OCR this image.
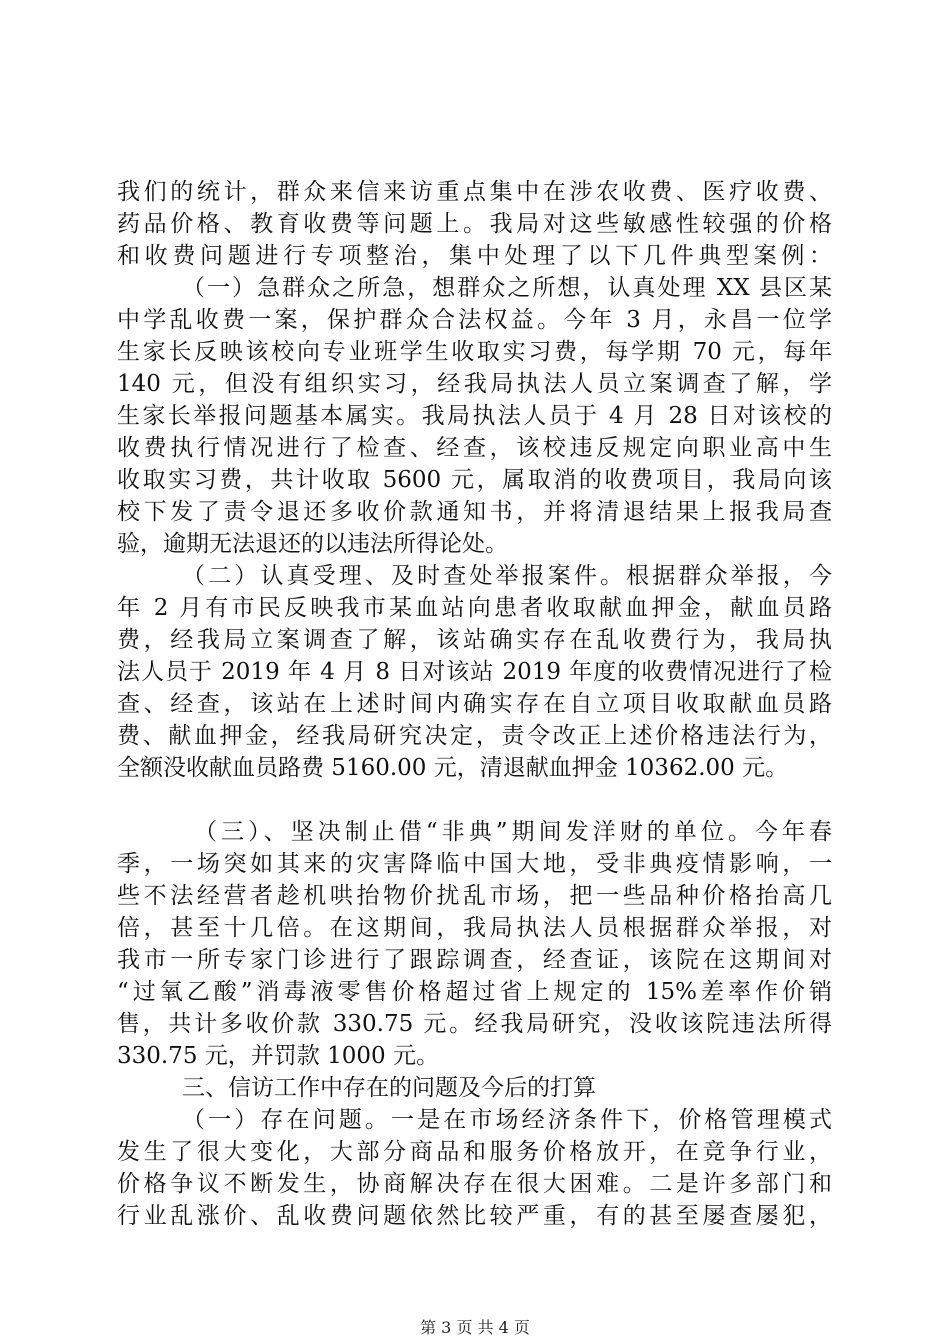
我们的统计，群众来信来访重点集中在涉农收费、医疗收费、
药品价格、教育收费等问题上。我局对这些敏感性较强的价格
和收费问题进行专项整治，集中处理了以下几件典型案例：
（一）急群众之所急，想群众之所想，认真处理 XX 县区某
中学乱收费一案，保护群众合法权益。今年 3 月，永昌一位学
生家长反映该校向专业班学生收取实习费，每学期 70 元，每年
140 元，但没有组织实习，经我局执法人员立案调查了解，学
生家长举报问题基本属实。我局执法人员于 4 月 28 日对该校的
收费执行情况进行了检查、经查，该校违反规定向职业高中生
收取实习费，共计收取 5600 元，属取消的收费项目，我局向该
校下发了责令退还多收价款通知书，并将清退结果上报我局查
验，逾期无法退还的以违法所得论处。
（二）认真受理、及时查处举报案件。根据群众举报，今
年 2 月有市民反映我市某血站向患者收取献血押金，献血员路
费，经我局立案调查了解，该站确实存在乱收费行为，我局执
法人员于 2019 年 4 月 8 日对该站 2019 年度的收费情况进行了检
查、经查，该站在上述时间内确实存在自立项目收取献血员路
费、献血押金，经我局研究决定，责令改正上述价格违法行为，
全额没收献血员路费 5160.00 元，清退献血押金 10362.00 元。
（三）、坚决制止借“非典”期间发洋财的单位。今年春
季，一场突如其来的灾害降临中国大地，受非典疫情影响，一
些不法经营者趁机哄抬物价扰乱市场，把一些品种价格抬高几
倍，甚至十几倍。在这期间，我局执法人员根据群众举报，对
我市一所专家门诊进行了跟踪调查，经查证，该院在这期间对
“过氧乙酸”消毒液零售价格超过省上规定的 15%差率作价销
售，共计多收价款 330.75 元。经我局研究，没收该院违法所得
330.75 元，并罚款 1000 元。
三、信访工作中存在的问题及今后的打算
（一）存在问题。一是在市场经济条件下，价格管理模式
发生了很大变化，大部分商品和服务价格放开，在竞争行业，
价格争议不断发生，协商解决存在很大困难。二是许多部门和
行业乱涨价、乱收费问题依然比较严重，有的甚至屡查屡犯，
第 3 页 共 4 页
